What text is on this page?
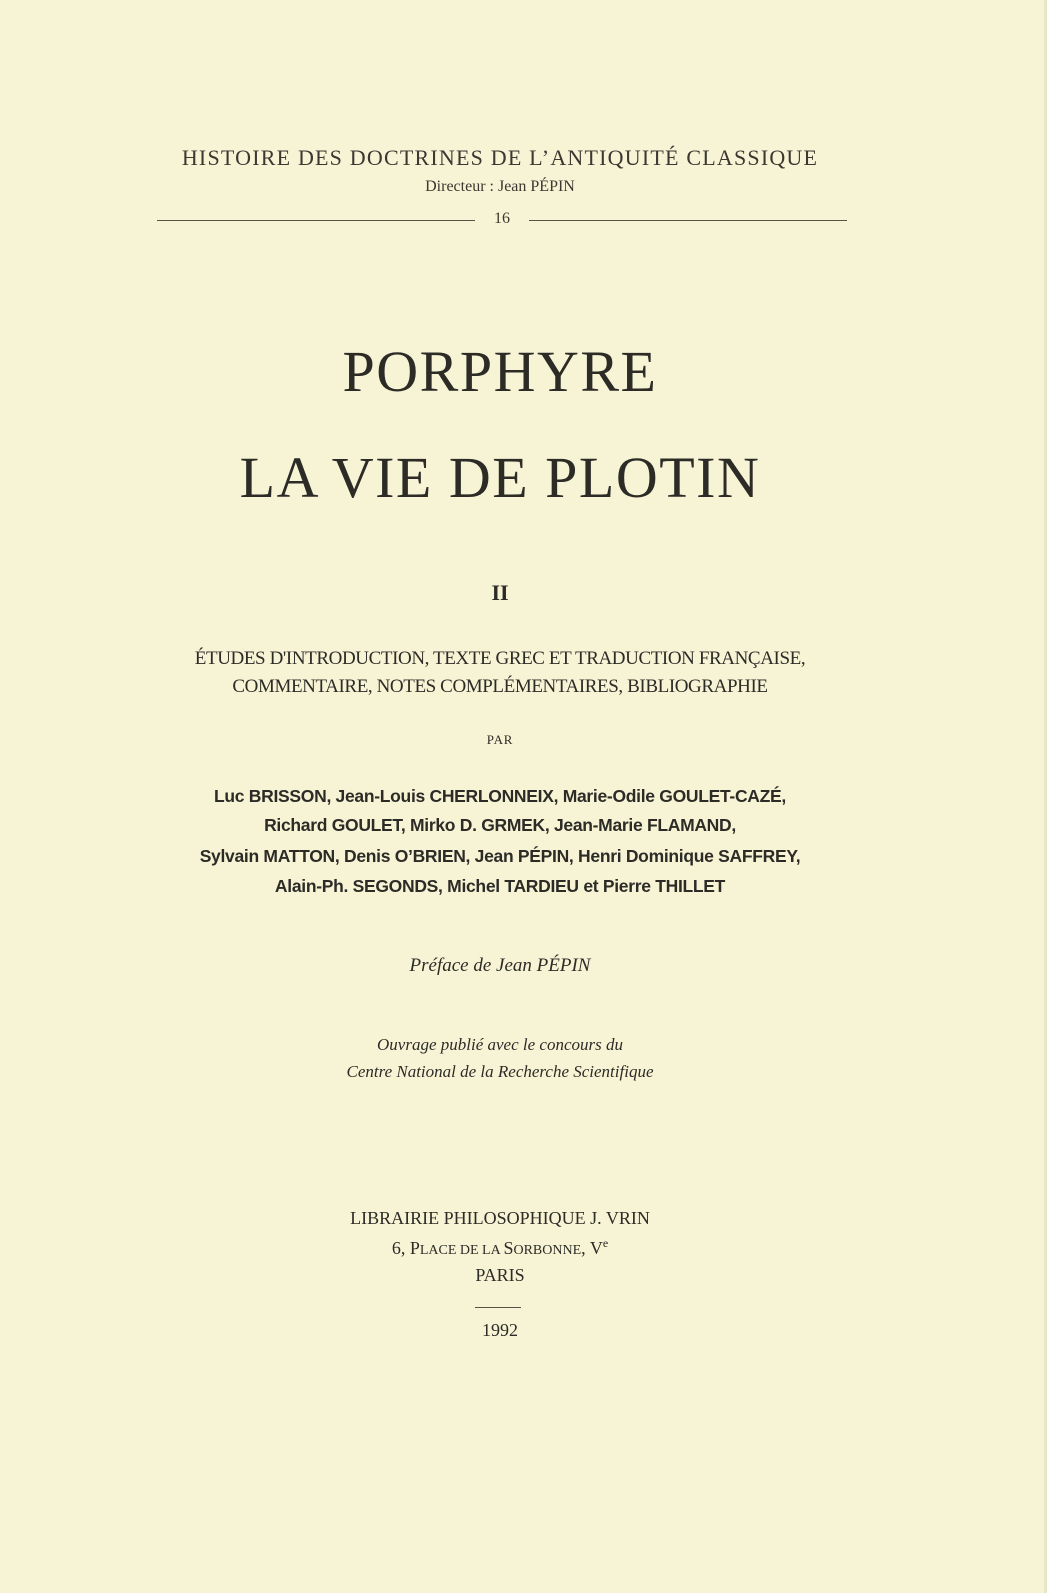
HISTOIRE DES DOCTRINES DE L’ANTIQUITÉ CLASSIQUE
Directeur : Jean PÉPIN
16
PORPHYRE
LA VIE DE PLOTIN
II
ÉTUDES D'INTRODUCTION, TEXTE GREC ET TRADUCTION FRANÇAISE,
COMMENTAIRE, NOTES COMPLÉMENTAIRES, BIBLIOGRAPHIE
PAR
Luc BRISSON, Jean-Louis CHERLONNEIX, Marie-Odile GOULET-CAZÉ,
Richard GOULET, Mirko D. GRMEK, Jean-Marie FLAMAND,
Sylvain MATTON, Denis O’BRIEN, Jean PÉPIN, Henri Dominique SAFFREY,
Alain-Ph. SEGONDS, Michel TARDIEU et Pierre THILLET
Préface de Jean PÉPIN
Ouvrage publié avec le concours du
Centre National de la Recherche Scientifique
LIBRAIRIE PHILOSOPHIQUE J. VRIN
6, PLACE DE LA SORBONNE, Ve
PARIS
1992
